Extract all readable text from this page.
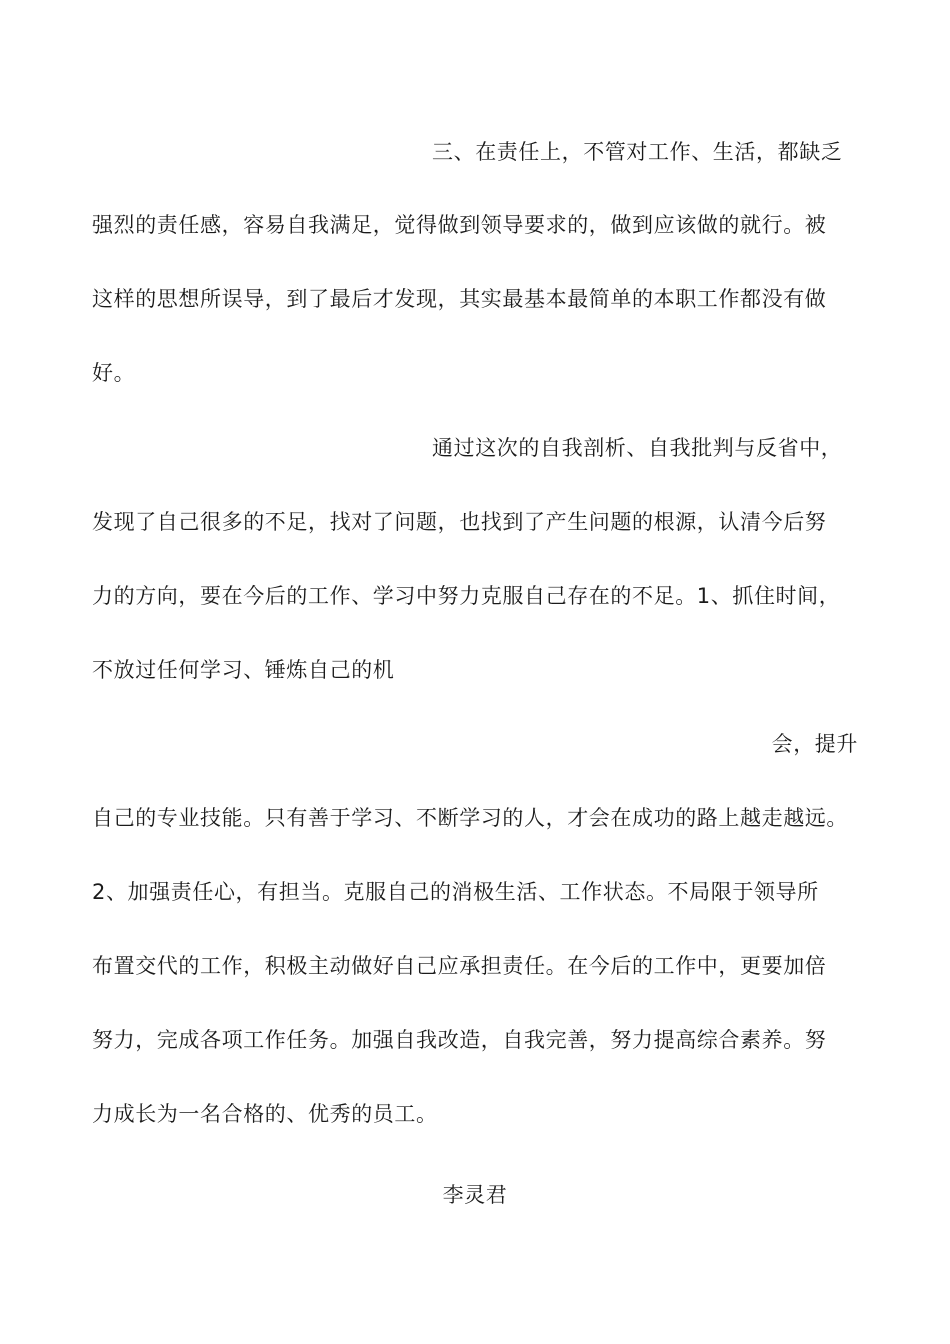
三、在责任上，不管对工作、生活，都缺乏
强烈的责任感，容易自我满足，觉得做到领导要求的，做到应该做的就行。被
这样的思想所误导，到了最后才发现，其实最基本最简单的本职工作都没有做
好。
通过这次的自我剖析、自我批判与反省中，
发现了自己很多的不足，找对了问题，也找到了产生问题的根源，认清今后努
力的方向，要在今后的工作、学习中努力克服自己存在的不足。1、抓住时间，
不放过任何学习、锤炼自己的机
会，提升
自己的专业技能。只有善于学习、不断学习的人，才会在成功的路上越走越远。
2、加强责任心，有担当。克服自己的消极生活、工作状态。不局限于领导所
布置交代的工作，积极主动做好自己应承担责任。在今后的工作中，更要加倍
努力，完成各项工作任务。加强自我改造，自我完善，努力提高综合素养。努
力成长为一名合格的、优秀的员工。
李灵君
